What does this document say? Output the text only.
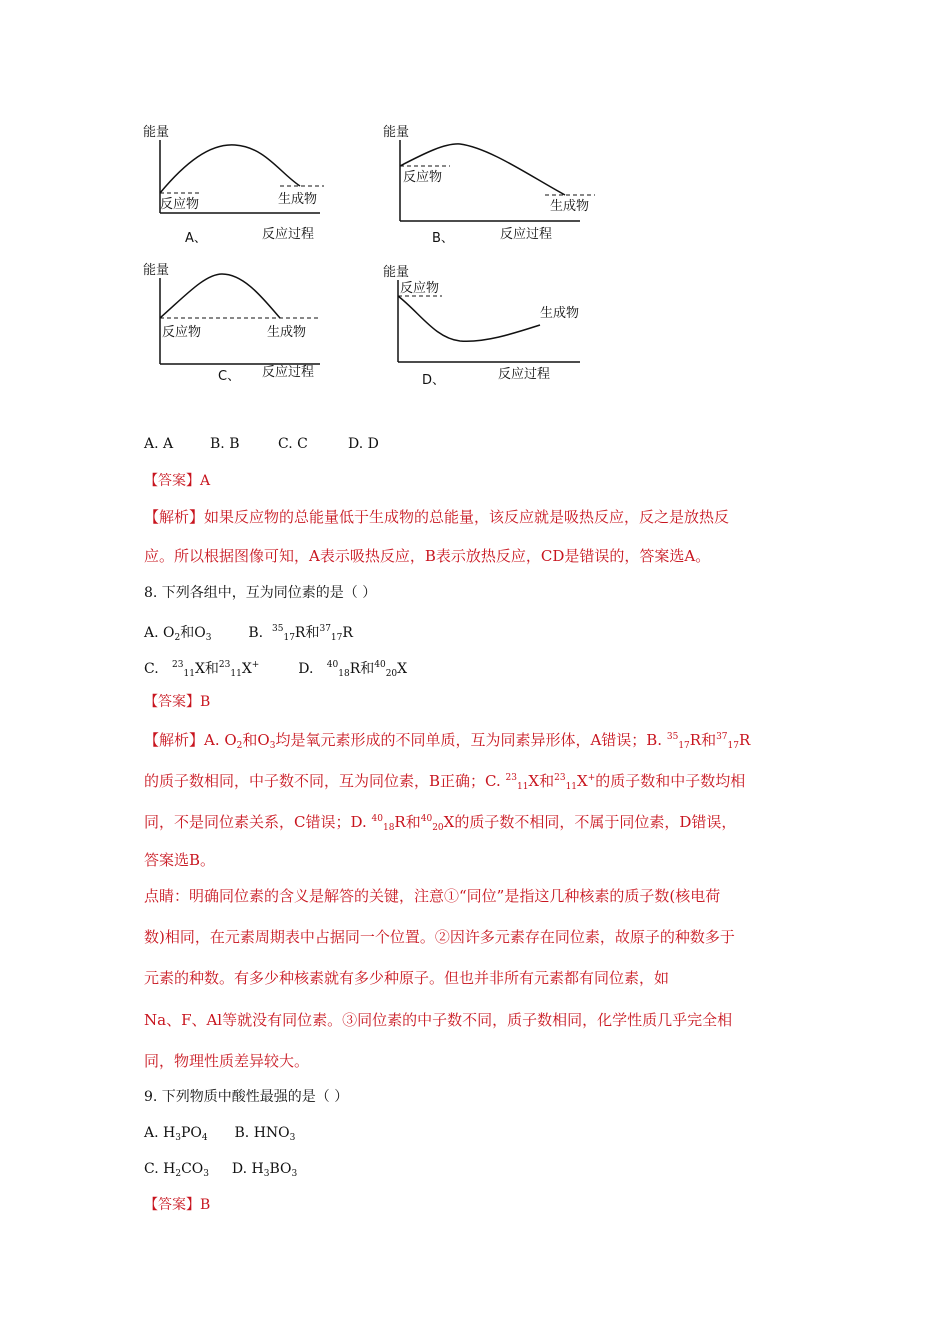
能量
反应物	生成物
A、	反应过程
能量
反应物
生成物
B、	反应过程
能量
反应物	生成物
C、 反应过程
能量
反应物
生成物
D、	反应过程
A. A	B. B	C. C	D. D
【答案】A
【解析】如果反应物的总能量低于生成物的总能量，该反应就是吸热反应，反之是放热反
应。所以根据图像可知，A表示吸热反应，B表示放热反应，CD是错误的，答案选A。
8. 下列各组中，互为同位素的是（ ）
A. $O_2$和$O_3$	B. $^{35}_{17}$R和$^{37}_{17}$R
C. $^{23}_{11}$X和$^{23}_{11}$X+	D. $^{40}_{18}$R和$^{40}_{20}$X
【答案】B
【解析】A. $O_2$和$O_3$均是氧元素形成的不同单质，互为同素异形体，A错误；B. $^{35}_{17}$R和$^{37}_{17}$R
的质子数相同，中子数不同，互为同位素，B正确；C. $^{23}_{11}$X和$^{23}_{11}$X+的质子数和中子数均相
同，不是同位素关系，C错误；D. $^{40}_{18}$R和$^{40}_{20}$X的质子数不相同，不属于同位素，D错误，
答案选B。
点睛：明确同位素的含义是解答的关键，注意①“同位”是指这几种核素的质子数(核电荷
数)相同，在元素周期表中占据同一个位置。②因许多元素存在同位素，故原子的种数多于
元素的种数。有多少种核素就有多少种原子。但也并非所有元素都有同位素，如
Na、F、Al等就没有同位素。③同位素的中子数不同，质子数相同，化学性质几乎完全相
同，物理性质差异较大。
9. 下列物质中酸性最强的是（ ）
A. $H_3PO_4$ B. $HNO_3$
C. $H_2CO_3$ D. $H_3BO_3$
【答案】B
